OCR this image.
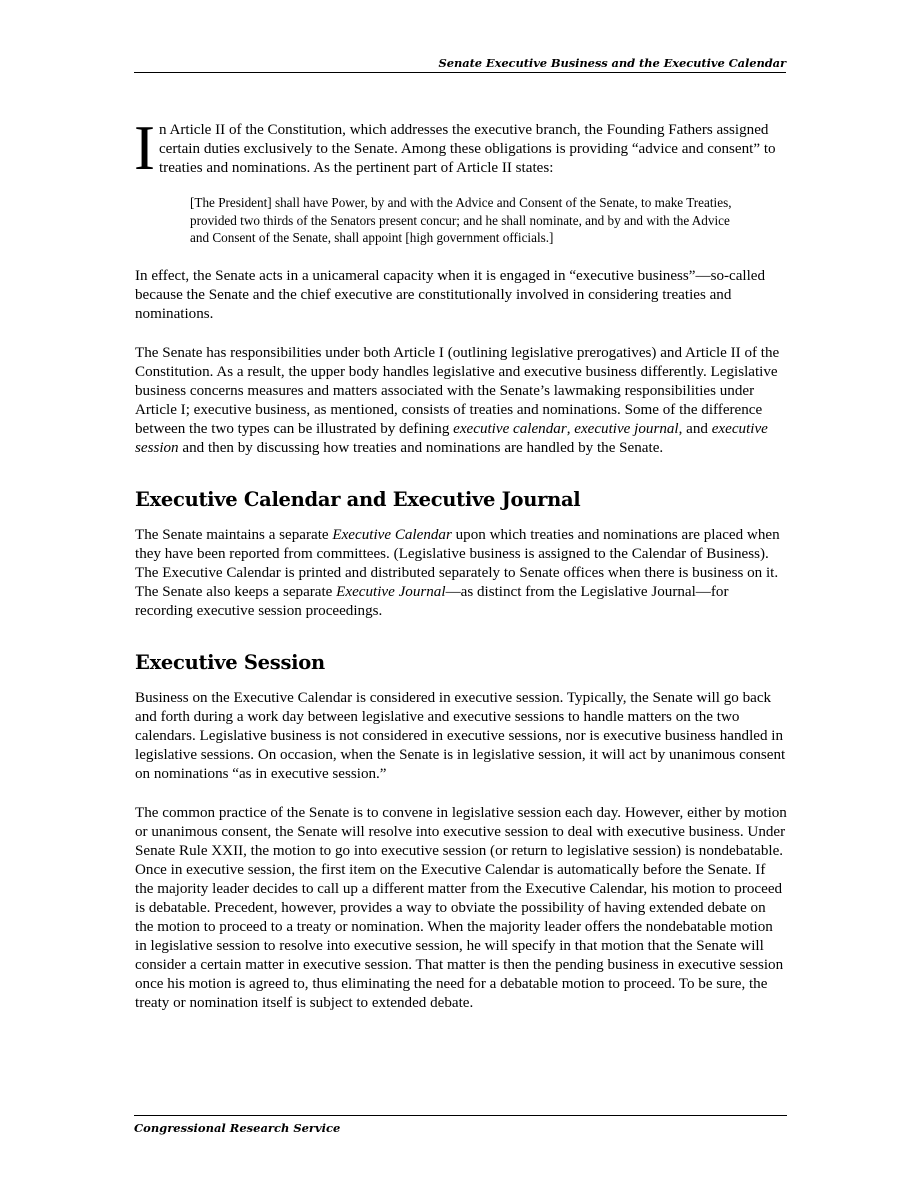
Senate Executive Business and the Executive Calendar

In Article II of the Constitution, which addresses the executive branch, the Founding Fathers assigned certain duties exclusively to the Senate. Among these obligations is providing “advice and consent” to treaties and nominations. As the pertinent part of Article II states:

[The President] shall have Power, by and with the Advice and Consent of the Senate, to make Treaties, provided two thirds of the Senators present concur; and he shall nominate, and by and with the Advice and Consent of the Senate, shall appoint [high government officials.]

In effect, the Senate acts in a unicameral capacity when it is engaged in “executive business”—so-called because the Senate and the chief executive are constitutionally involved in considering treaties and nominations.

The Senate has responsibilities under both Article I (outlining legislative prerogatives) and Article II of the Constitution. As a result, the upper body handles legislative and executive business differently. Legislative business concerns measures and matters associated with the Senate’s lawmaking responsibilities under Article I; executive business, as mentioned, consists of treaties and nominations. Some of the difference between the two types can be illustrated by defining executive calendar, executive journal, and executive session and then by discussing how treaties and nominations are handled by the Senate.

Executive Calendar and Executive Journal

The Senate maintains a separate Executive Calendar upon which treaties and nominations are placed when they have been reported from committees. (Legislative business is assigned to the Calendar of Business). The Executive Calendar is printed and distributed separately to Senate offices when there is business on it. The Senate also keeps a separate Executive Journal—as distinct from the Legislative Journal—for recording executive session proceedings.

Executive Session

Business on the Executive Calendar is considered in executive session. Typically, the Senate will go back and forth during a work day between legislative and executive sessions to handle matters on the two calendars. Legislative business is not considered in executive sessions, nor is executive business handled in legislative sessions. On occasion, when the Senate is in legislative session, it will act by unanimous consent on nominations “as in executive session.”

The common practice of the Senate is to convene in legislative session each day. However, either by motion or unanimous consent, the Senate will resolve into executive session to deal with executive business. Under Senate Rule XXII, the motion to go into executive session (or return to legislative session) is nondebatable. Once in executive session, the first item on the Executive Calendar is automatically before the Senate. If the majority leader decides to call up a different matter from the Executive Calendar, his motion to proceed is debatable. Precedent, however, provides a way to obviate the possibility of having extended debate on the motion to proceed to a treaty or nomination. When the majority leader offers the nondebatable motion in legislative session to resolve into executive session, he will specify in that motion that the Senate will consider a certain matter in executive session. That matter is then the pending business in executive session once his motion is agreed to, thus eliminating the need for a debatable motion to proceed. To be sure, the treaty or nomination itself is subject to extended debate.

Congressional Research Service
